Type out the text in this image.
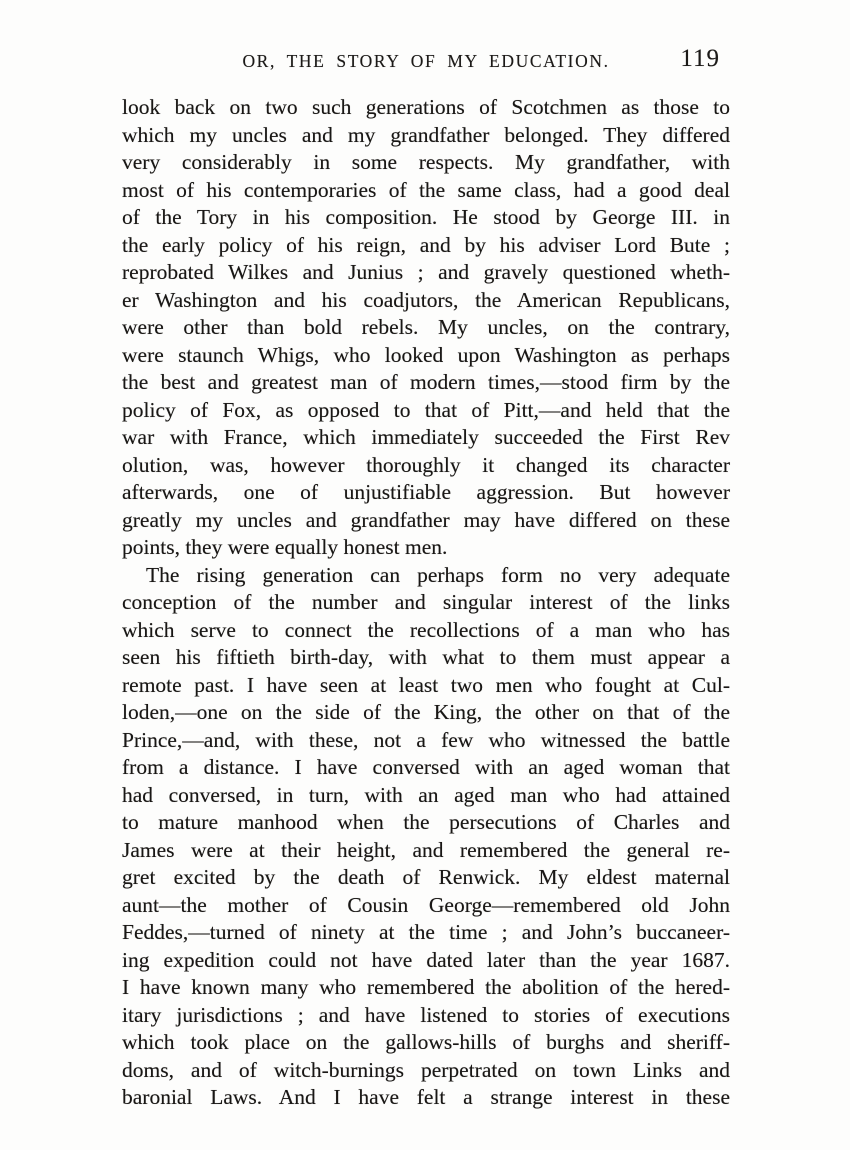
OR, THE STORY OF MY EDUCATION.	119
look back on two such generations of Scotchmen as those to
which my uncles and my grandfather belonged. They differed
very considerably in some respects. My grandfather, with
most of his contemporaries of the same class, had a good deal
of the Tory in his composition. He stood by George III. in
the early policy of his reign, and by his adviser Lord Bute ;
reprobated Wilkes and Junius ; and gravely questioned wheth-
er Washington and his coadjutors, the American Republicans,
were other than bold rebels. My uncles, on the contrary,
were staunch Whigs, who looked upon Washington as perhaps
the best and greatest man of modern times,—stood firm by the
policy of Fox, as opposed to that of Pitt,—and held that the
war with France, which immediately succeeded the First Rev
olution, was, however thoroughly it changed its character
afterwards, one of unjustifiable aggression. But however
greatly my uncles and grandfather may have differed on these
points, they were equally honest men.
The rising generation can perhaps form no very adequate
conception of the number and singular interest of the links
which serve to connect the recollections of a man who has
seen his fiftieth birth-day, with what to them must appear a
remote past. I have seen at least two men who fought at Cul-
loden,—one on the side of the King, the other on that of the
Prince,—and, with these, not a few who witnessed the battle
from a distance. I have conversed with an aged woman that
had conversed, in turn, with an aged man who had attained
to mature manhood when the persecutions of Charles and
James were at their height, and remembered the general re-
gret excited by the death of Renwick. My eldest maternal
aunt—the mother of Cousin George—remembered old John
Feddes,—turned of ninety at the time ; and John’s buccaneer-
ing expedition could not have dated later than the year 1687.
I have known many who remembered the abolition of the hered-
itary jurisdictions ; and have listened to stories of executions
which took place on the gallows-hills of burghs and sheriff-
doms, and of witch-burnings perpetrated on town Links and
baronial Laws. And I have felt a strange interest in these
